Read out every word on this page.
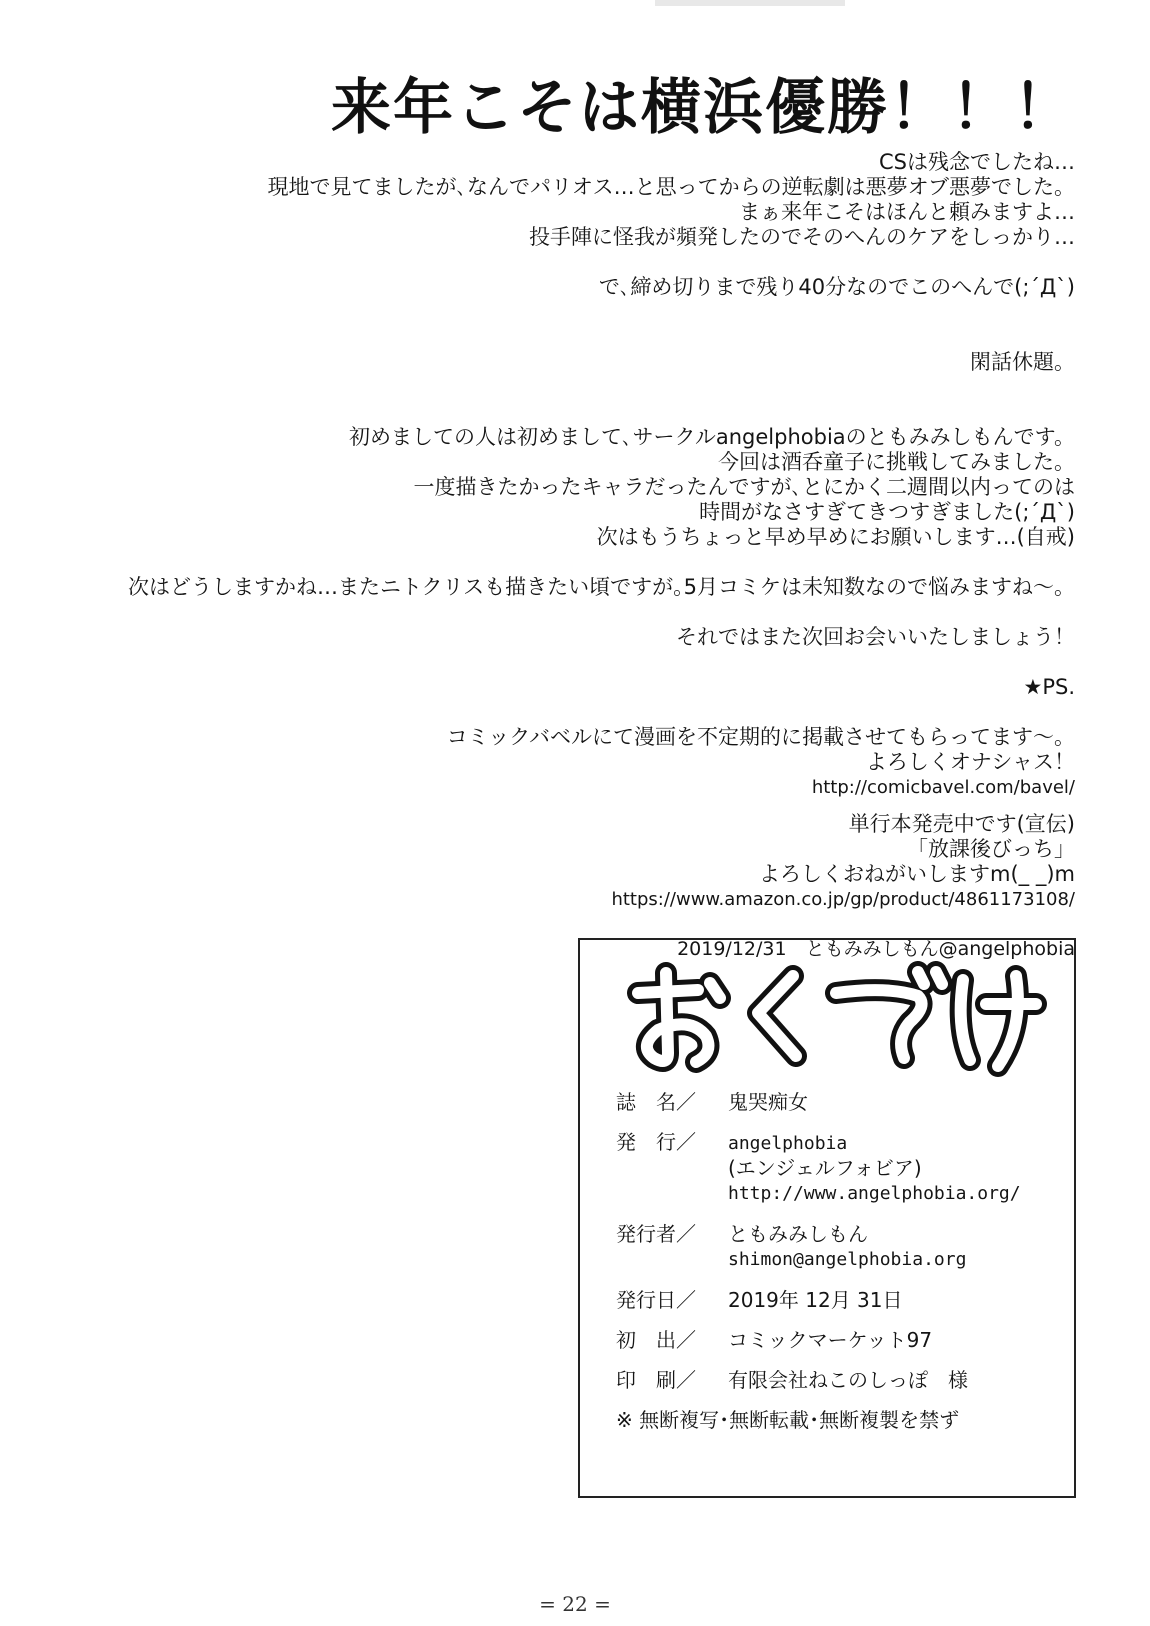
来年こそは横浜優勝！！！
CSは残念でしたね…
現地で見てましたが､なんでパリオス…と思ってからの逆転劇は悪夢オブ悪夢でした。
まぁ来年こそはほんと頼みますよ…
投手陣に怪我が頻発したのでそのへんのケアをしっかり…
で､締め切りまで残り40分なのでこのへんで(;´Д`)
閑話休題。
初めましての人は初めまして､サークルangelphobiaのともみみしもんです。
今回は酒呑童子に挑戦してみました。
一度描きたかったキャラだったんですが､とにかく二週間以内ってのは
時間がなさすぎてきつすぎました(;´Д`)
次はもうちょっと早め早めにお願いします…(自戒)
次はどうしますかね…またニトクリスも描きたい頃ですが｡5月コミケは未知数なので悩みますね～。
それではまた次回お会いいたしましょう！
★PS.
コミックバベルにて漫画を不定期的に掲載させてもらってます～。
よろしくオナシャス！
http://comicbavel.com/bavel/
単行本発売中です(宣伝)
「放課後びっち」
よろしくおねがいしますm(_ _)m
https://www.amazon.co.jp/gp/product/4861173108/
2019/12/31　ともみみしもん@angelphobia
誌　名／	鬼哭痴女
発　行／	angelphobia
(エンジェルフォビア)
http://www.angelphobia.org/
発行者／	ともみみしもん
shimon@angelphobia.org
発行日／	2019年 12月 31日
初　出／	コミックマーケット97
印　刷／	有限会社ねこのしっぽ　様
※ 無断複写･無断転載･無断複製を禁ず
= 22 =
